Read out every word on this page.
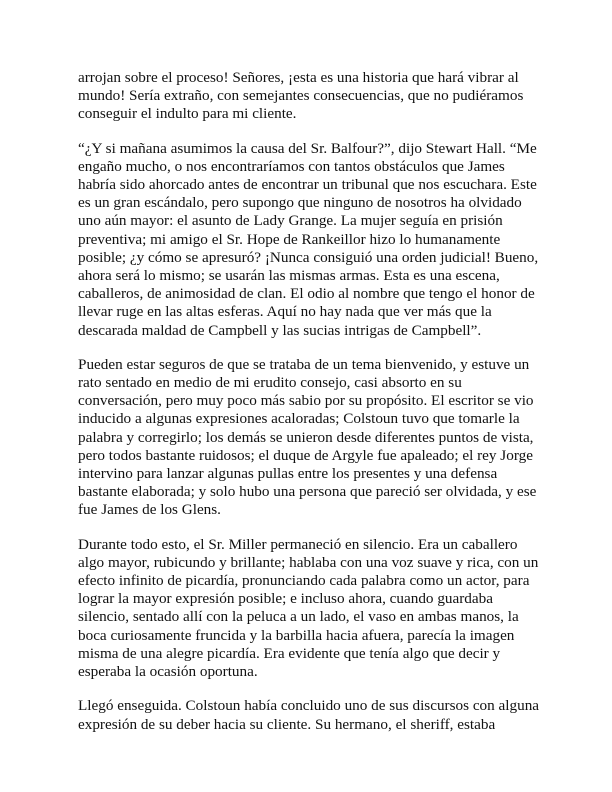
arrojan sobre el proceso! Señores, ¡esta es una historia que hará vibrar al
mundo! Sería extraño, con semejantes consecuencias, que no pudiéramos
conseguir el indulto para mi cliente.

“¿Y si mañana asumimos la causa del Sr. Balfour?”, dijo Stewart Hall. “Me
engaño mucho, o nos encontraríamos con tantos obstáculos que James
habría sido ahorcado antes de encontrar un tribunal que nos escuchara. Este
es un gran escándalo, pero supongo que ninguno de nosotros ha olvidado
uno aún mayor: el asunto de Lady Grange. La mujer seguía en prisión
preventiva; mi amigo el Sr. Hope de Rankeillor hizo lo humanamente
posible; ¿y cómo se apresuró? ¡Nunca consiguió una orden judicial! Bueno,
ahora será lo mismo; se usarán las mismas armas. Esta es una escena,
caballeros, de animosidad de clan. El odio al nombre que tengo el honor de
llevar ruge en las altas esferas. Aquí no hay nada que ver más que la
descarada maldad de Campbell y las sucias intrigas de Campbell”.

Pueden estar seguros de que se trataba de un tema bienvenido, y estuve un
rato sentado en medio de mi erudito consejo, casi absorto en su
conversación, pero muy poco más sabio por su propósito. El escritor se vio
inducido a algunas expresiones acaloradas; Colstoun tuvo que tomarle la
palabra y corregirlo; los demás se unieron desde diferentes puntos de vista,
pero todos bastante ruidosos; el duque de Argyle fue apaleado; el rey Jorge
intervino para lanzar algunas pullas entre los presentes y una defensa
bastante elaborada; y solo hubo una persona que pareció ser olvidada, y ese
fue James de los Glens.

Durante todo esto, el Sr. Miller permaneció en silencio. Era un caballero
algo mayor, rubicundo y brillante; hablaba con una voz suave y rica, con un
efecto infinito de picardía, pronunciando cada palabra como un actor, para
lograr la mayor expresión posible; e incluso ahora, cuando guardaba
silencio, sentado allí con la peluca a un lado, el vaso en ambas manos, la
boca curiosamente fruncida y la barbilla hacia afuera, parecía la imagen
misma de una alegre picardía. Era evidente que tenía algo que decir y
esperaba la ocasión oportuna.

Llegó enseguida. Colstoun había concluido uno de sus discursos con alguna
expresión de su deber hacia su cliente. Su hermano, el sheriff, estaba
